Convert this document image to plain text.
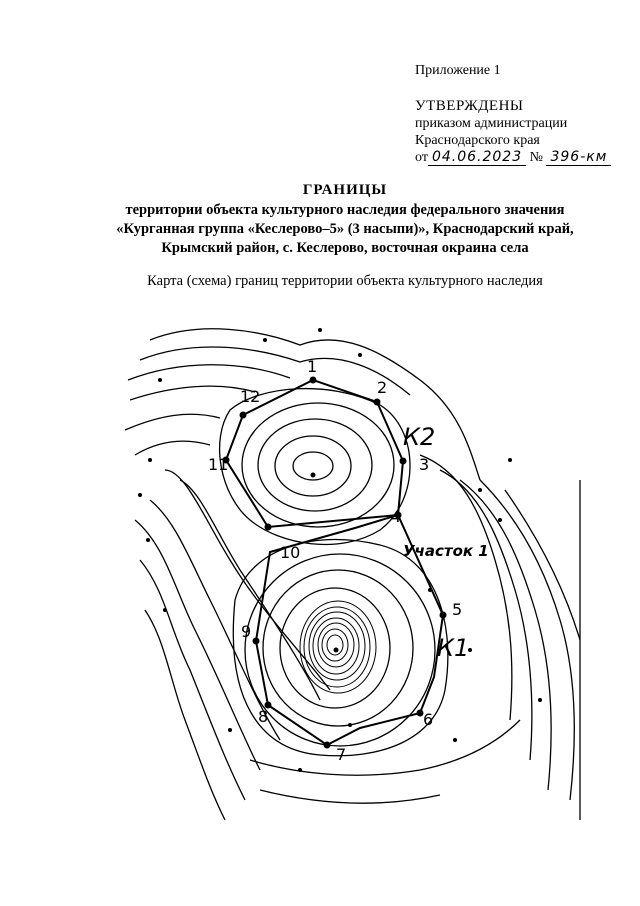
Приложение 1
УТВЕРЖДЕНЫ
приказом администрации
Краснодарского края
от 04.06.2023 № 396-км
ГРАНИЦЫ
территории объекта культурного наследия федерального значения
«Курганная группа «Кеслерово–5» (3 насыпи)», Краснодарский край,
Крымский район, с. Кеслерово, восточная окраина села
Карта (схема) границ территории объекта культурного наследия
1
2
3
4
5
6
7
8
9
10
11
12
К2
К1
Участок 1
